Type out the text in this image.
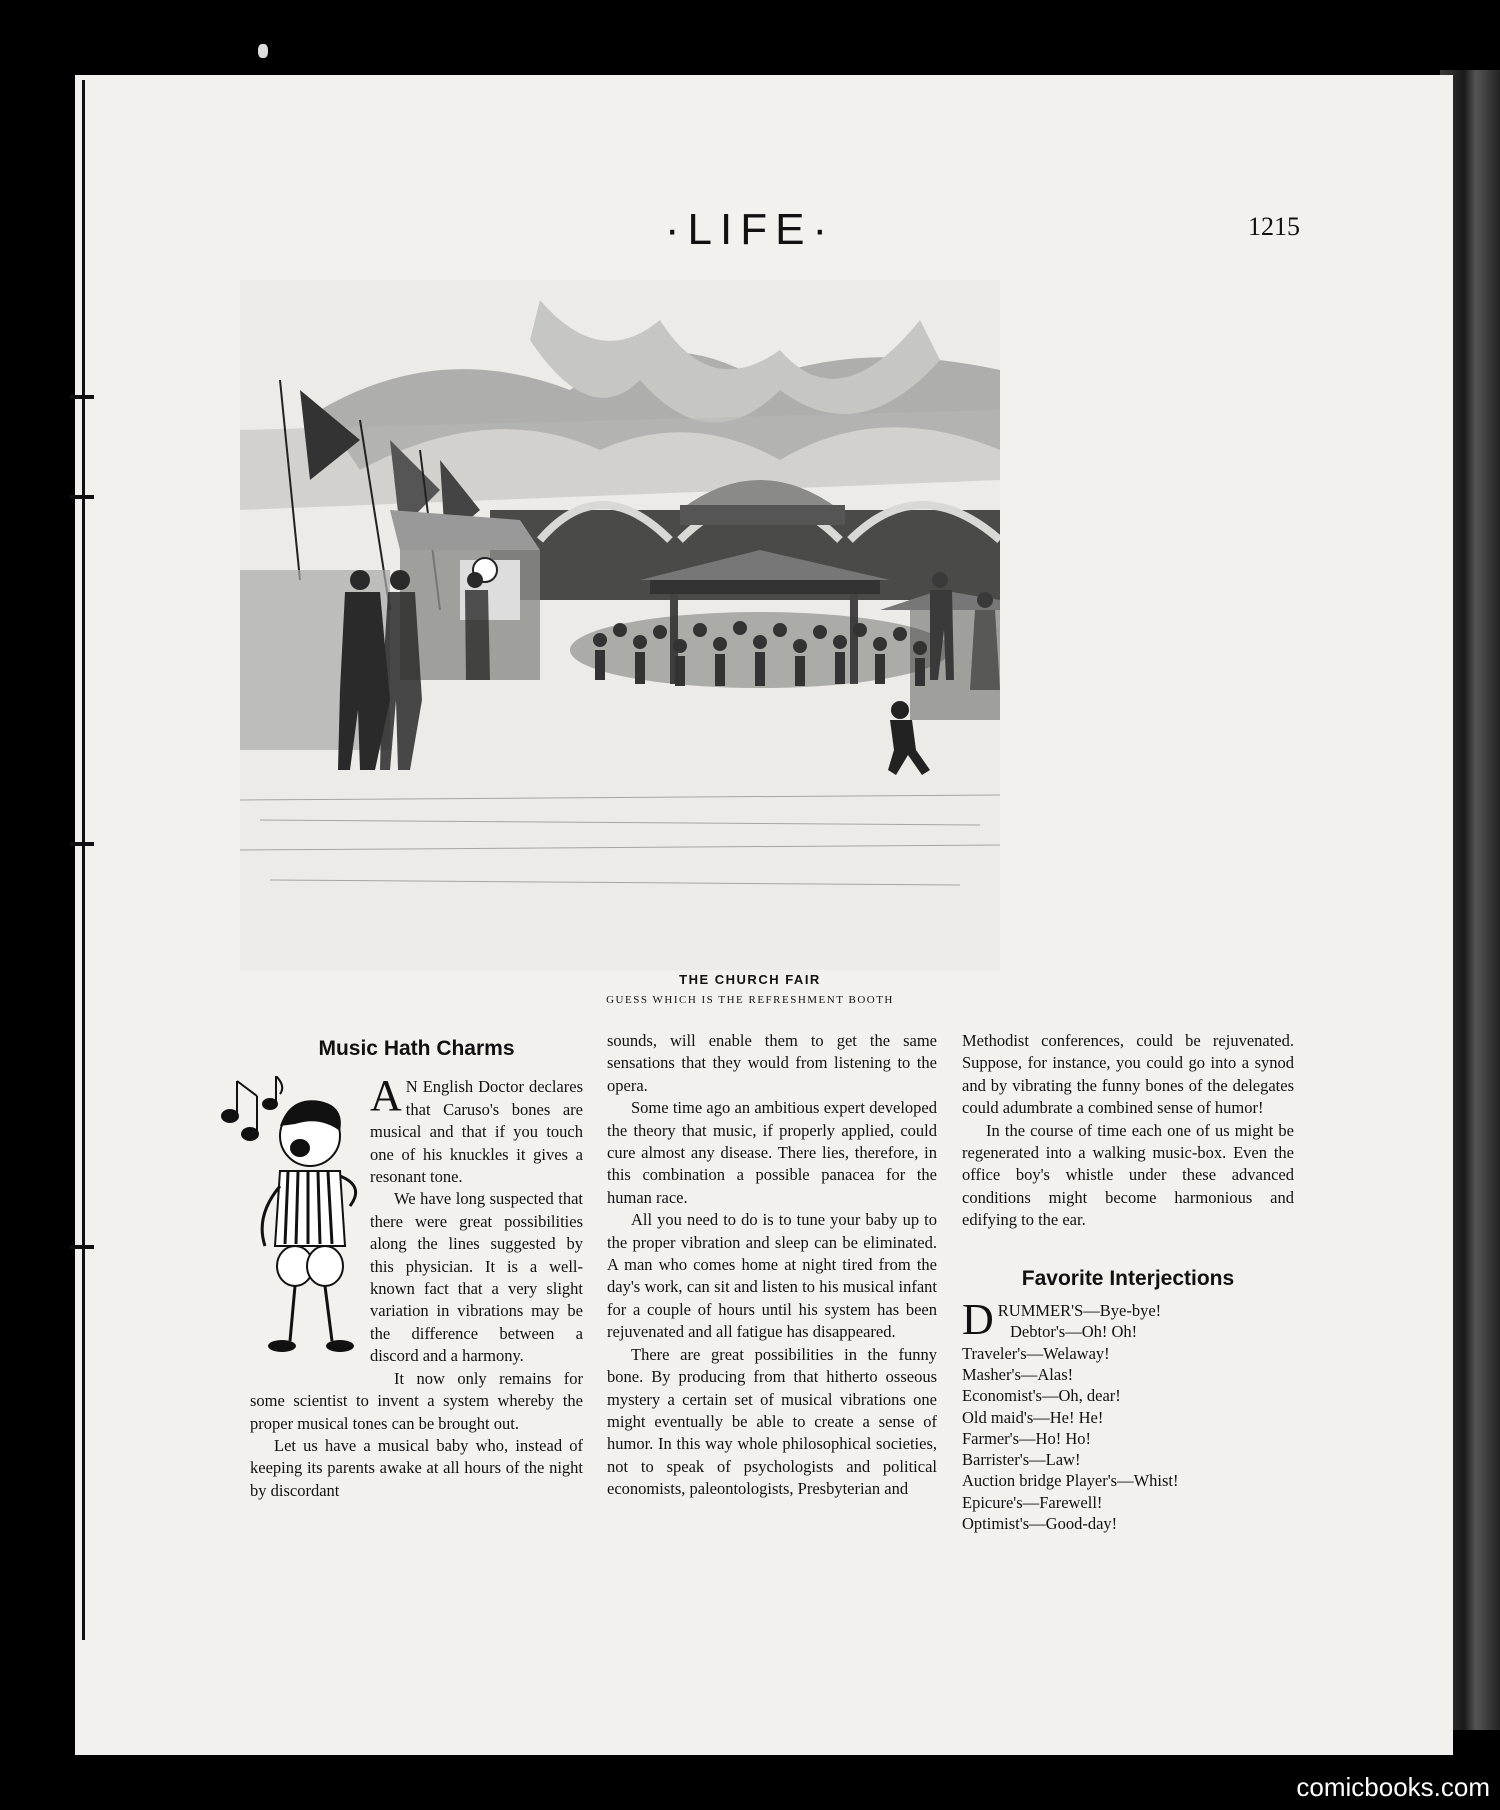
·LIFE·	1215
THE CHURCH FAIR
GUESS WHICH IS THE REFRESHMENT BOOTH
Music Hath Charms

A N English Doctor declares that Caruso's bones are musical and that if you touch one of his knuckles it gives a resonant tone.

We have long suspected that there were great possibilities along the lines suggested by this physician. It is a well-known fact that a very slight variation in vibrations may be the difference between a discord and a harmony.

It now only remains for some scientist to invent a system whereby the proper musical tones can be brought out.

Let us have a musical baby who, instead of keeping its parents awake at all hours of the night by discordant

sounds, will enable them to get the same sensations that they would from listening to the opera.

Some time ago an ambitious expert developed the theory that music, if properly applied, could cure almost any disease. There lies, therefore, in this combination a possible panacea for the human race.

All you need to do is to tune your baby up to the proper vibration and sleep can be eliminated. A man who comes home at night tired from the day's work, can sit and listen to his musical infant for a couple of hours until his system has been rejuvenated and all fatigue has disappeared.

There are great possibilities in the funny bone. By producing from that hitherto osseous mystery a certain set of musical vibrations one might eventually be able to create a sense of humor. In this way whole philosophical societies, not to speak of psychologists and political economists, paleontologists, Presbyterian and

Methodist conferences, could be rejuvenated. Suppose, for instance, you could go into a synod and by vibrating the funny bones of the delegates could adumbrate a combined sense of humor!

In the course of time each one of us might be regenerated into a walking music-box. Even the office boy's whistle under these advanced conditions might become harmonious and edifying to the ear.

Favorite Interjections
DRUMMER'S—Bye-bye!
Debtor's—Oh! Oh!
Traveler's—Welaway!
Masher's—Alas!
Economist's—Oh, dear!
Old maid's—He! He!
Farmer's—Ho! Ho!
Barrister's—Law!
Auction bridge Player's—Whist!
Epicure's—Farewell!
Optimist's—Good-day!
comicbooks.com
